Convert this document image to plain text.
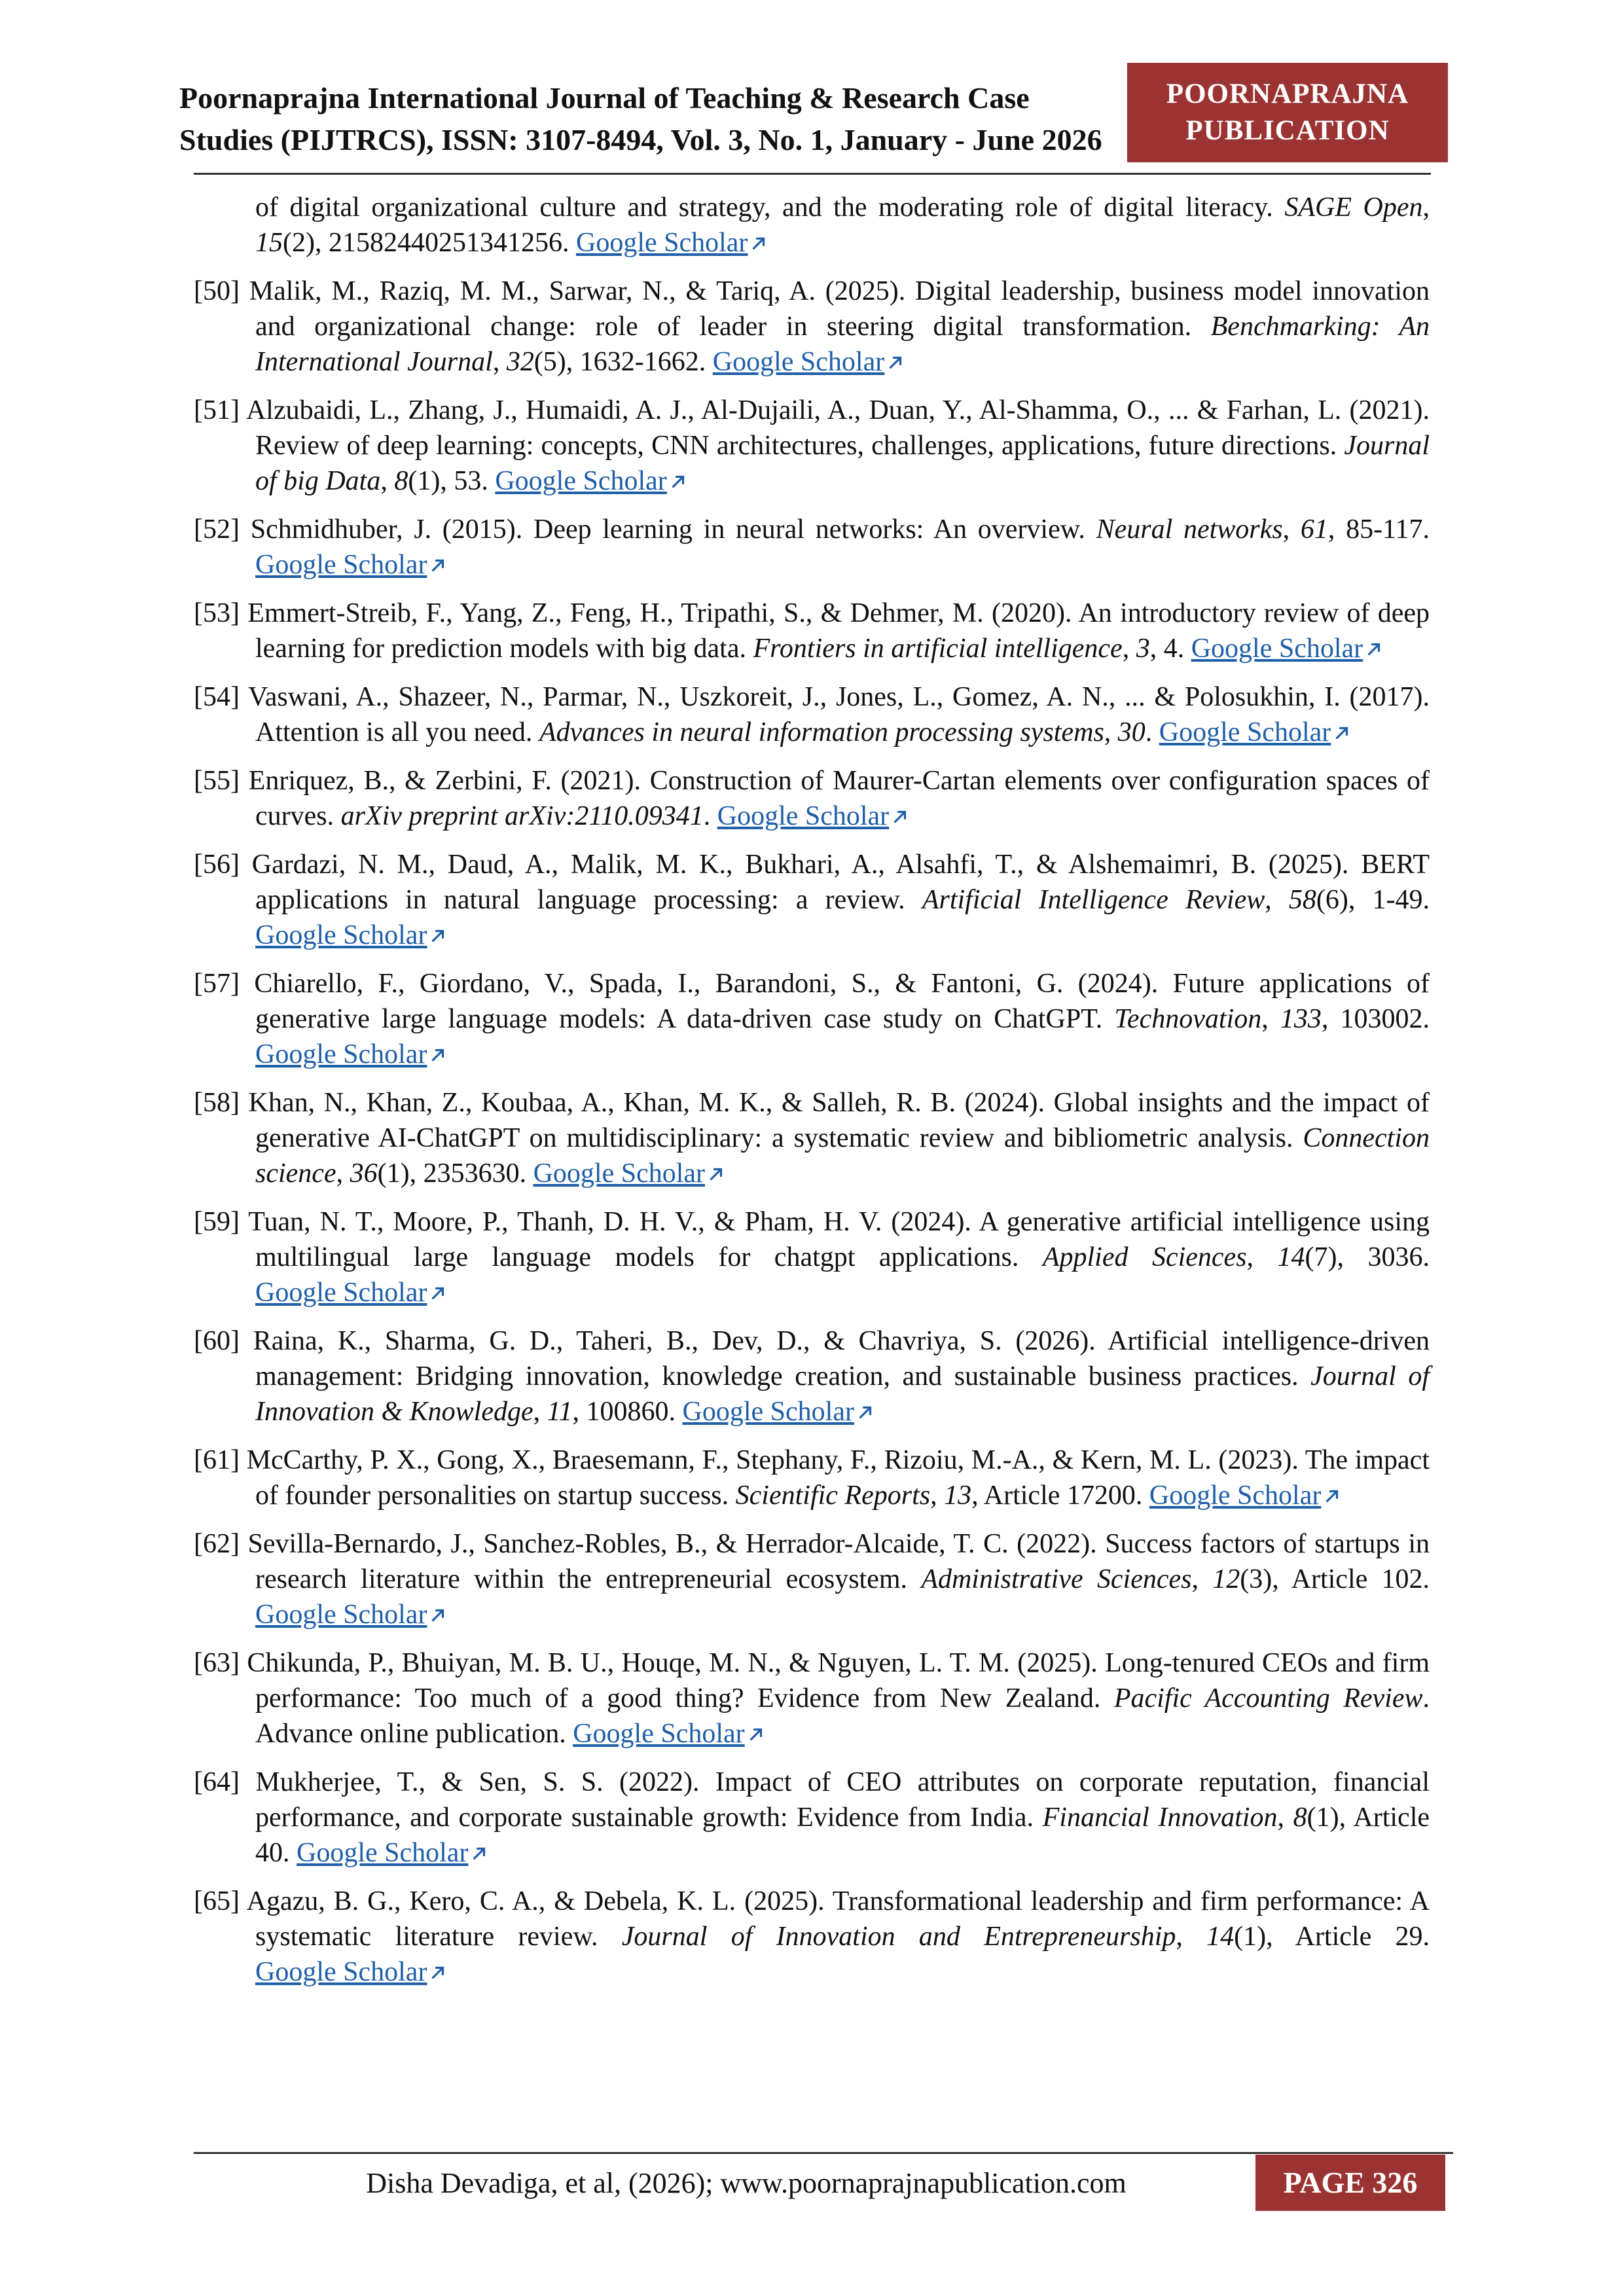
Poornaprajna International Journal of Teaching & Research Case
Studies (PIJTRCS), ISSN: 3107-8494, Vol. 3, No. 1, January - June 2026
POORNAPRAJNA
PUBLICATION

of digital organizational culture and strategy, and the moderating role of digital literacy. SAGE Open, 15(2), 21582440251341256. Google Scholar

[50] Malik, M., Raziq, M. M., Sarwar, N., & Tariq, A. (2025). Digital leadership, business model innovation and organizational change: role of leader in steering digital transformation. Benchmarking: An International Journal, 32(5), 1632-1662. Google Scholar

[51] Alzubaidi, L., Zhang, J., Humaidi, A. J., Al-Dujaili, A., Duan, Y., Al-Shamma, O., ... & Farhan, L. (2021). Review of deep learning: concepts, CNN architectures, challenges, applications, future directions. Journal of big Data, 8(1), 53. Google Scholar

[52] Schmidhuber, J. (2015). Deep learning in neural networks: An overview. Neural networks, 61, 85-117. Google Scholar

[53] Emmert-Streib, F., Yang, Z., Feng, H., Tripathi, S., & Dehmer, M. (2020). An introductory review of deep learning for prediction models with big data. Frontiers in artificial intelligence, 3, 4. Google Scholar

[54] Vaswani, A., Shazeer, N., Parmar, N., Uszkoreit, J., Jones, L., Gomez, A. N., ... & Polosukhin, I. (2017). Attention is all you need. Advances in neural information processing systems, 30. Google Scholar

[55] Enriquez, B., & Zerbini, F. (2021). Construction of Maurer-Cartan elements over configuration spaces of curves. arXiv preprint arXiv:2110.09341. Google Scholar

[56] Gardazi, N. M., Daud, A., Malik, M. K., Bukhari, A., Alsahfi, T., & Alshemaimri, B. (2025). BERT applications in natural language processing: a review. Artificial Intelligence Review, 58(6), 1-49. Google Scholar

[57] Chiarello, F., Giordano, V., Spada, I., Barandoni, S., & Fantoni, G. (2024). Future applications of generative large language models: A data-driven case study on ChatGPT. Technovation, 133, 103002. Google Scholar

[58] Khan, N., Khan, Z., Koubaa, A., Khan, M. K., & Salleh, R. B. (2024). Global insights and the impact of generative AI-ChatGPT on multidisciplinary: a systematic review and bibliometric analysis. Connection science, 36(1), 2353630. Google Scholar

[59] Tuan, N. T., Moore, P., Thanh, D. H. V., & Pham, H. V. (2024). A generative artificial intelligence using multilingual large language models for chatgpt applications. Applied Sciences, 14(7), 3036. Google Scholar

[60] Raina, K., Sharma, G. D., Taheri, B., Dev, D., & Chavriya, S. (2026). Artificial intelligence-driven management: Bridging innovation, knowledge creation, and sustainable business practices. Journal of Innovation & Knowledge, 11, 100860. Google Scholar

[61] McCarthy, P. X., Gong, X., Braesemann, F., Stephany, F., Rizoiu, M.-A., & Kern, M. L. (2023). The impact of founder personalities on startup success. Scientific Reports, 13, Article 17200. Google Scholar

[62] Sevilla-Bernardo, J., Sanchez-Robles, B., & Herrador-Alcaide, T. C. (2022). Success factors of startups in research literature within the entrepreneurial ecosystem. Administrative Sciences, 12(3), Article 102. Google Scholar

[63] Chikunda, P., Bhuiyan, M. B. U., Houqe, M. N., & Nguyen, L. T. M. (2025). Long-tenured CEOs and firm performance: Too much of a good thing? Evidence from New Zealand. Pacific Accounting Review. Advance online publication. Google Scholar

[64] Mukherjee, T., & Sen, S. S. (2022). Impact of CEO attributes on corporate reputation, financial performance, and corporate sustainable growth: Evidence from India. Financial Innovation, 8(1), Article 40. Google Scholar

[65] Agazu, B. G., Kero, C. A., & Debela, K. L. (2025). Transformational leadership and firm performance: A systematic literature review. Journal of Innovation and Entrepreneurship, 14(1), Article 29. Google Scholar

Disha Devadiga, et al, (2026); www.poornaprajnapublication.com	PAGE 326
